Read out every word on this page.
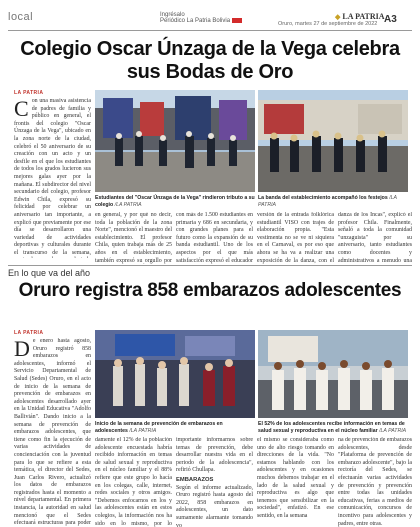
local	Ingrésalo
Periódico La Patria Bolivia	Oruro, martes 27 de septiembre de 2022
◆ LA PATRIA A3
Colegio Oscar Únzaga de la Vega celebra sus Bodas de Oro
LA PATRIA
Con una masiva asistencia de padres de familia y público en general, el frontis del colegio "Oscar Únzaga de la Vega", ubicado en la zona norte de la ciudad, celebró el 50 aniversario de su creación con un acto y un desfile en el que los estudiantes de todos los grados lucieron sus mejores galas ayer por la mañana. El subdirector del nivel secundario del colegio, profesor Edwin Chila, expresó su felicidad por celebrar un aniversario tan importante, a explicó que previamente por ese día se desarrollaron una variedad de actividades deportivas y culturales durante el transcurso de la semana,
Estudiantes del "Oscar Únzaga de la Vega" rindieron tributo a su colegio /LA PATRIA
La banda del establecimiento acompañó los festejos /LA PATRIA
en general, y por qué no decir, toda la población de la zona Norte", mencionó el maestro del establecimiento. El profesor Chila, quien trabaja más de 25 años en el establecimiento, también expresó su orgullo por
con más de 1.500 estudiantes en primaria y 686 en secundaria, y con grandes planes para el futuro como la expansión de su banda estudiantil. Uno de los aspectos por el que más satisfacción expresó el educador
versión de la entrada folklórica estudiantil VISO con trajes de elaboración propia. "Esta vestimenta no se ve ni siquiera en el Carnaval, es por eso que ahora se ha va a realizar una exposición de la danza, con el
danza de los Incas", explicó el profesor Chila. Finalmente, señaló a toda la comunidad "unzaguista" por su aniversario, tanto estudiantes como docentes y administrativos a menudo una
En lo que va del año
Oruro registra 858 embarazos adolescentes
LA PATRIA
De enero hasta agosto, Oruro registró 858 embarazos en adolescentes, informó el Servicio Departamental de Salud (Sedes) Oruro, en el acto de inicio de la semana de prevención de embarazos en adolescentes desarrollado ayer en la Unidad Educativa "Adolfo Ballivián". Dando inicio a la semana de prevención de embarazos adolescentes, que tiene como fin la ejecución de varias actividades de concienciación con la juventud para lo que se refiere a esta temática, el director del Sedes, Juan Carlos Rivero, actualizó los datos de embarazos registrados hasta el momento a nivel departamental. En primera instancia, la autoridad en salud mencionó que el Sedes efectuará estructuras para poder
Inicio de la semana de prevención de embarazos en adolescentes /LA PATRIA
El 52% de los adolescentes recibe información en temas de salud sexual y reproductiva en el núcleo familiar /LA PATRIA
damente el 12% de la población adolescente encuestada habría recibido información en temas de salud sexual y reproductiva en el núcleo familiar y el 88% refiere que este grupo lo hacía en los colegas, calle, internet, redes sociales y otros amigos. "Debemos enfocarnos en los y las adolescentes están en estos colegios, la información nos ha sido en lo mismo, por lo
importante informarnos sobre temas de prevención, debe desarrollar nuestra vida en el periodo de la adolescencia", refirió Chullapa.
EMBARAZOS
Según el informe actualizado, Oruro registró hasta agosto del 2022, 858 embarazos en adolescentes, un dato sumamente alarmante tomando vo
el mismo se consideraba como uno de alto riesgo tomando en direcciones de la vida. "No estamos hablando con los adolescentes y en ocasiones muchos debemos trabajar en el lado de la salud sexual y reproductiva es algo que tenemos que sensibilizar en la sociedad", enfatizó. En ese sentido, en la semana
na de prevención de embarazos adolescentes, desde "Plataforma de prevención de embarazo adolescente", bajo la rectoría del Sedes, se efectuarán varias actividades de prevención y prevención entre todas las unidades educativas, ferias a medios de comunicación, concursos de incentivo para adolescentes y padres, entre otras.
